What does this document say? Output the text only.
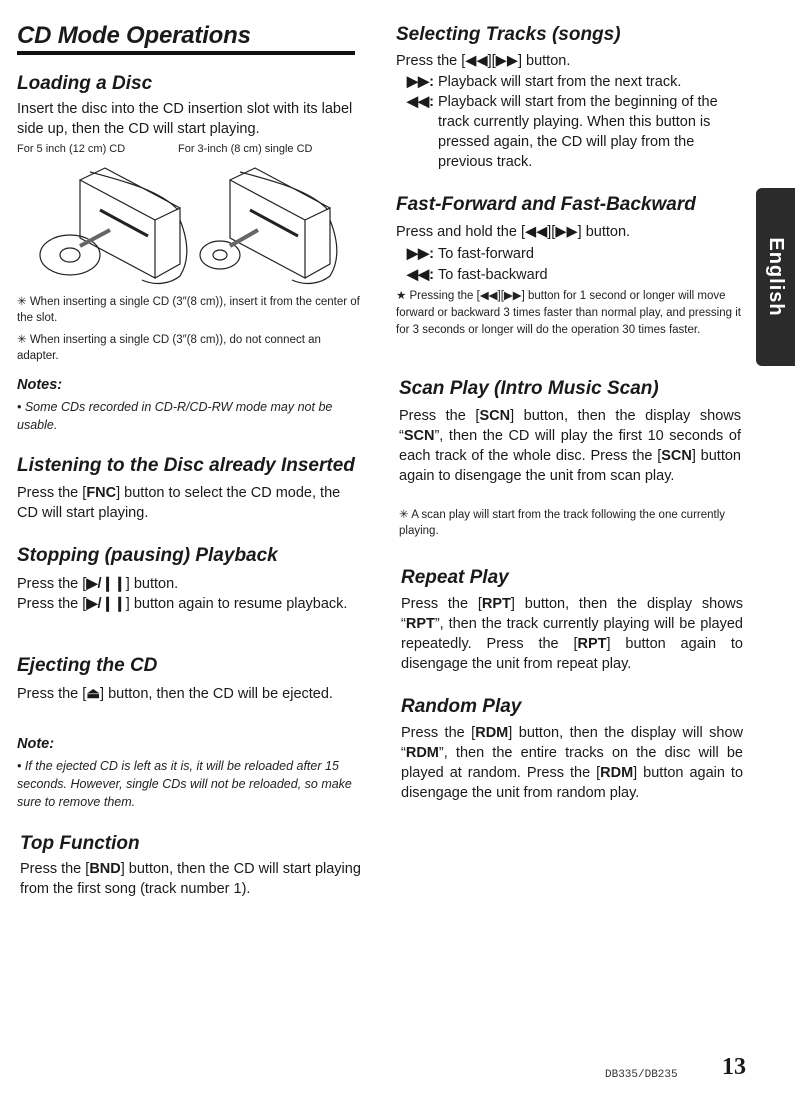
CD Mode Operations
Loading a Disc

Insert the disc into the CD insertion slot with its label side up, then the CD will start playing.

For 5 inch (12 cm) CD	For 3-inch (8 cm) single CD
✳ When inserting a single CD (3″(8 cm)), insert it from the center of the slot.
✳ When inserting a single CD (3″(8 cm)), do not connect an adapter.
Notes:
• Some CDs recorded in CD-R/CD-RW mode may not be usable.
Listening to the Disc already Inserted

Press the [FNC] button to select the CD mode, the CD will start playing.

Stopping (pausing) Playback

Press the [▶/❙❙] button.

Press the [▶/❙❙] button again to resume playback.

Ejecting the CD

Press the [⏏] button, then the CD will be ejected.

Note:
• If the ejected CD is left as it is, it will be reloaded after 15 seconds. However, single CDs will not be reloaded, so make sure to remove them.
Top Function

Press the [BND] button, then the CD will start playing from the first song (track number 1).

Selecting Tracks (songs)

Press the [◀◀][▶▶] button.

▶▶: Playback will start from the next track.

◀◀: Playback will start from the beginning of the track currently playing. When this button is pressed again, the CD will play from the previous track.

Fast-Forward and Fast-Backward

Press and hold the [◀◀][▶▶] button.

▶▶: To fast-forward

◀◀: To fast-backward

★ Pressing the [◀◀][▶▶] button for 1 second or longer will move forward or backward 3 times faster than normal play, and pressing it for 3 seconds or longer will do the operation 30 times faster.
Scan Play (Intro Music Scan)

Press the [SCN] button, then the display shows “SCN”, then the CD will play the first 10 seconds of each track of the whole disc. Press the [SCN] button again to disengage the unit from scan play.

✳ A scan play will start from the track following the one currently playing.
Repeat Play

Press the [RPT] button, then the display shows “RPT”, then the track currently playing will be played repeatedly. Press the [RPT] button again to disengage the unit from repeat play.

Random Play

Press the [RDM] button, then the display will show “RDM”, then the entire tracks on the disc will be played at random. Press the [RDM] button again to disengage the unit from random play.

English
DB335/DB235 13
